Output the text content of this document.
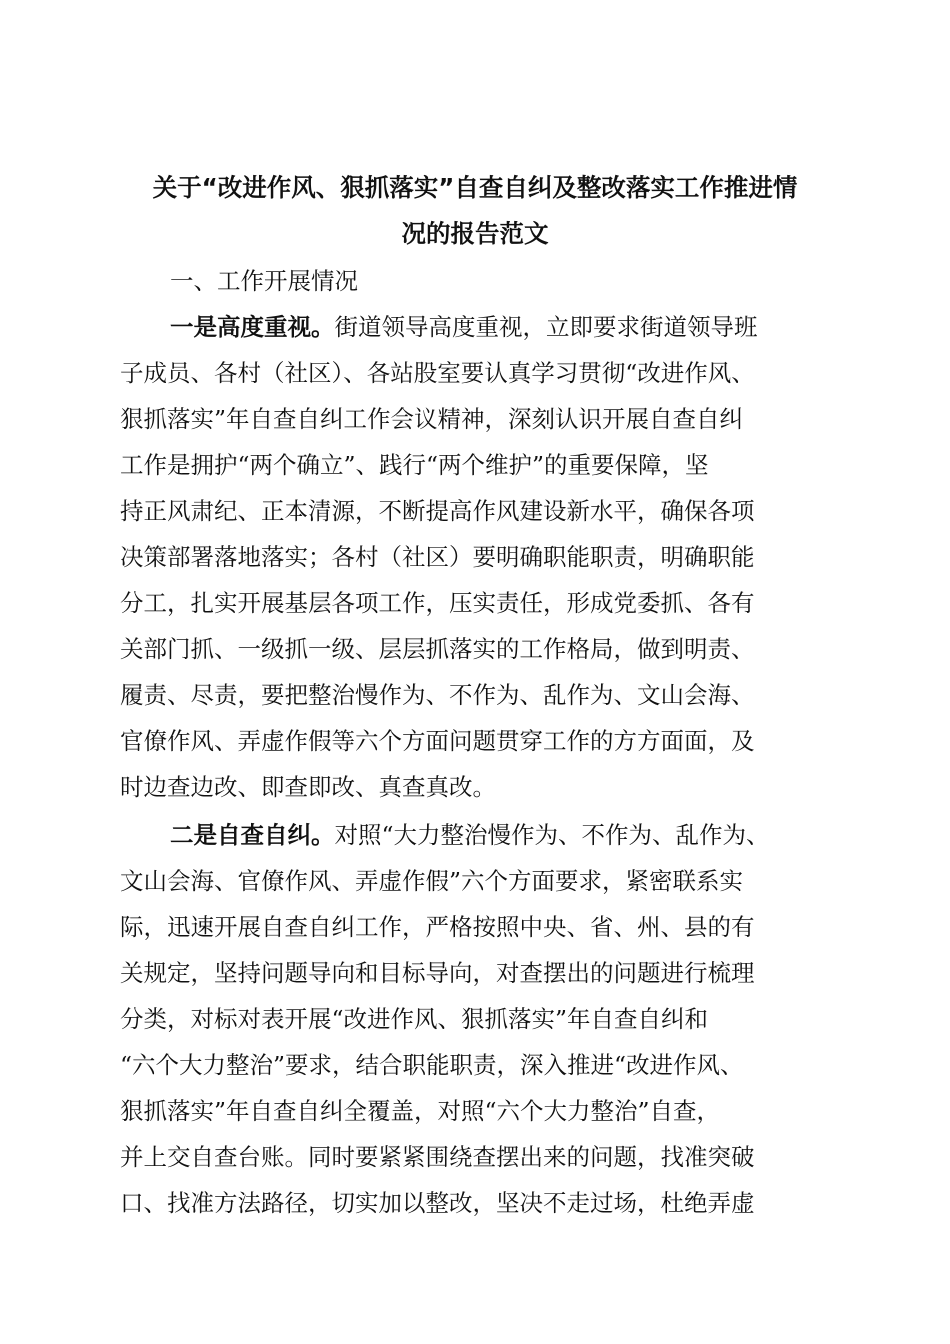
关于“改进作风、狠抓落实”自查自纠及整改落实工作推进情
况的报告范文
一、工作开展情况
一是高度重视。街道领导高度重视，立即要求街道领导班
子成员、各村（社区）、各站股室要认真学习贯彻“改进作风、
狠抓落实”年自查自纠工作会议精神，深刻认识开展自查自纠
工作是拥护“两个确立”、践行“两个维护”的重要保障，坚
持正风肃纪、正本清源，不断提高作风建设新水平，确保各项
决策部署落地落实；各村（社区）要明确职能职责，明确职能
分工，扎实开展基层各项工作，压实责任，形成党委抓、各有
关部门抓、一级抓一级、层层抓落实的工作格局，做到明责、
履责、尽责，要把整治慢作为、不作为、乱作为、文山会海、
官僚作风、弄虚作假等六个方面问题贯穿工作的方方面面，及
时边查边改、即查即改、真查真改。
二是自查自纠。对照“大力整治慢作为、不作为、乱作为、
文山会海、官僚作风、弄虚作假”六个方面要求，紧密联系实
际，迅速开展自查自纠工作，严格按照中央、省、州、县的有
关规定，坚持问题导向和目标导向，对查摆出的问题进行梳理
分类，对标对表开展“改进作风、狠抓落实”年自查自纠和
“六个大力整治”要求，结合职能职责，深入推进“改进作风、
狠抓落实”年自查自纠全覆盖，对照“六个大力整治”自查，
并上交自查台账。同时要紧紧围绕查摆出来的问题，找准突破
口、找准方法路径，切实加以整改，坚决不走过场，杜绝弄虚
